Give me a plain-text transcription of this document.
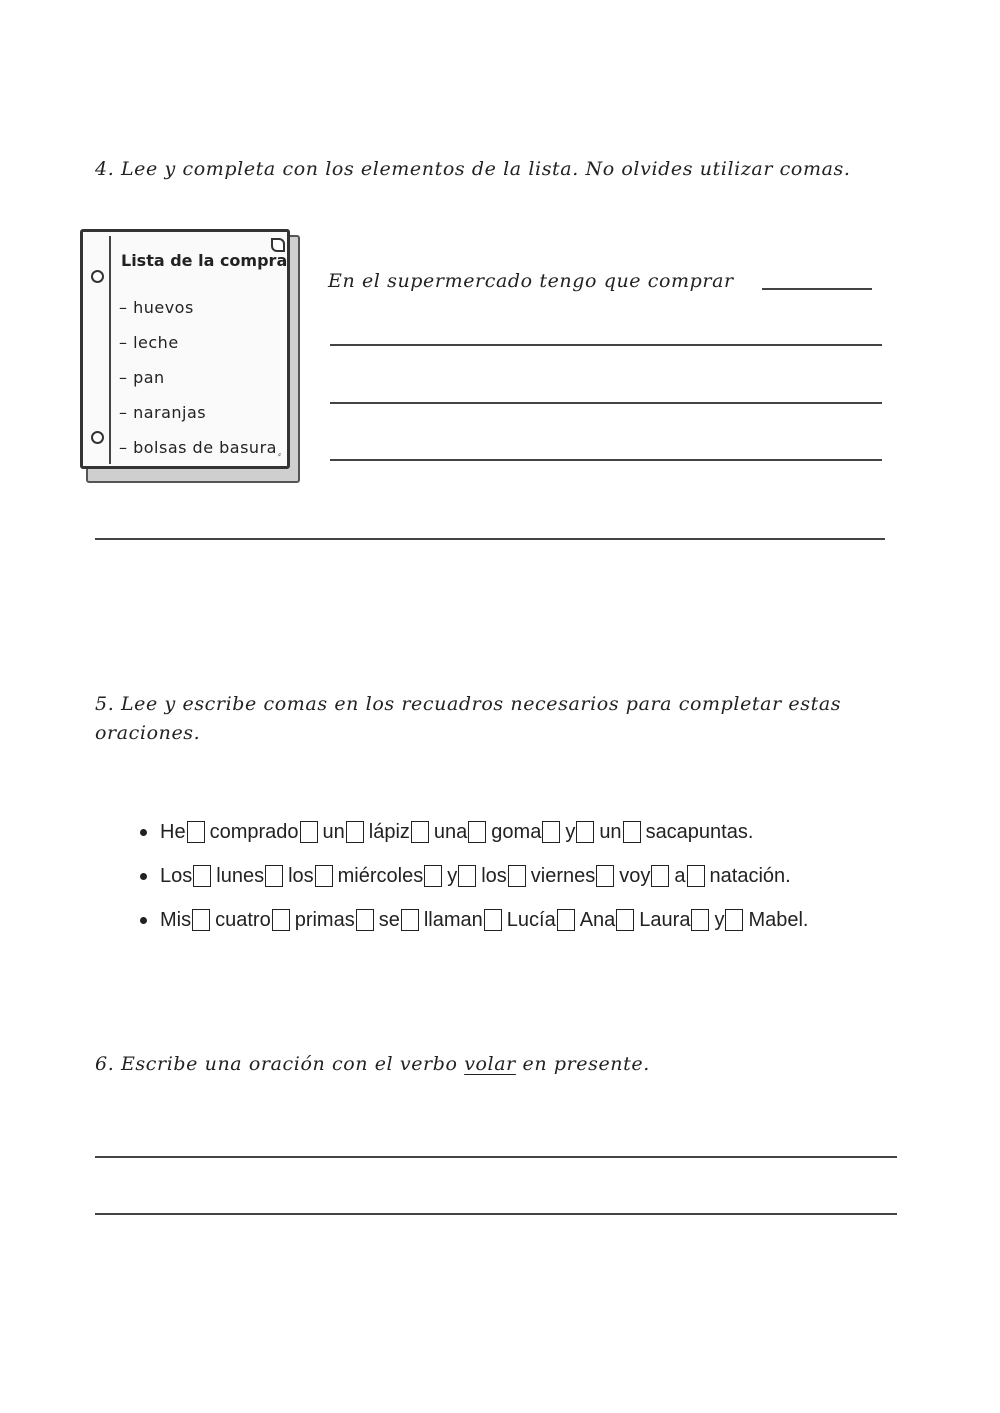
4. Lee y completa con los elementos de la lista. No olvides utilizar comas.

⸗

Lista de la compra

– huevos
– leche
– pan
– naranjas
– bolsas de basura

En el supermercado tengo que comprar

5. Lee y escribe comas en los recuadros necesarios para completar estas oraciones.

He comprado un lápiz una goma y un sacapuntas.
Los lunes los miércoles y los viernes voy a natación.
Mis cuatro primas se llaman Lucía Ana Laura y Mabel.

6. Escribe una oración con el verbo volar en presente.
